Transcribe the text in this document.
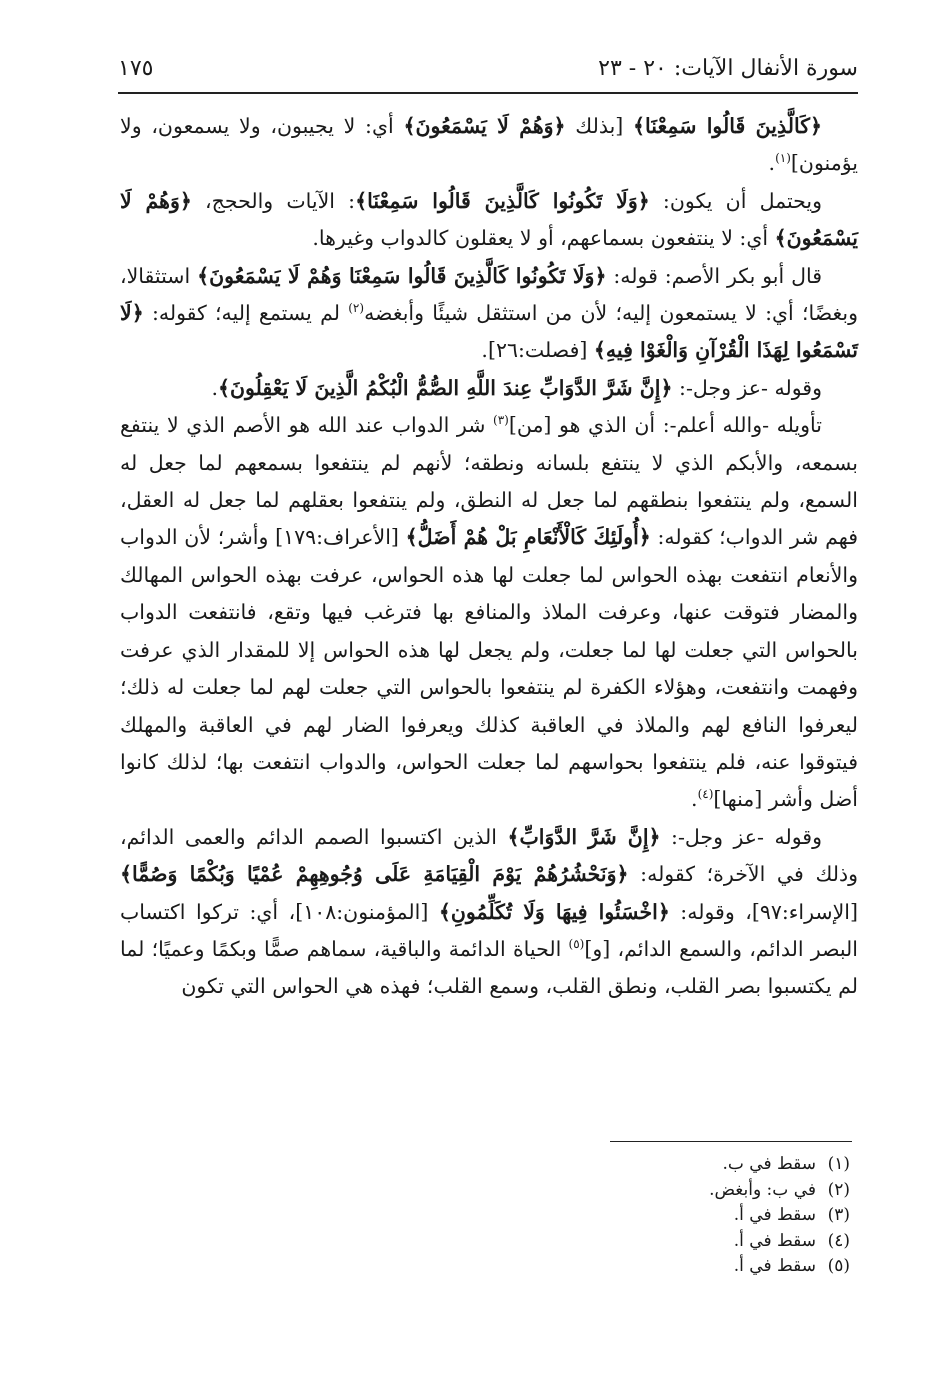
سورة الأنفال الآيات: ٢٠ - ٢٣
١٧٥

﴿كَالَّذِينَ قَالُوا سَمِعْنَا﴾ [بذلك ﴿وَهُمْ لَا يَسْمَعُونَ﴾ أي: لا يجيبون، ولا يسمعون، ولا يؤمنون]$^{(١)}$.

ويحتمل أن يكون: ﴿وَلَا تَكُونُوا كَالَّذِينَ قَالُوا سَمِعْنَا﴾: الآيات والحجج، ﴿وَهُمْ لَا يَسْمَعُونَ﴾ أي: لا ينتفعون بسماعهم، أو لا يعقلون كالدواب وغيرها.

قال أبو بكر الأصم: قوله: ﴿وَلَا تَكُونُوا كَالَّذِينَ قَالُوا سَمِعْنَا وَهُمْ لَا يَسْمَعُونَ﴾ استثقالا، وبغضًا؛ أي: لا يستمعون إليه؛ لأن من استثقل شيئًا وأبغضه$^{(٢)}$ لم يستمع إليه؛ كقوله: ﴿لَا تَسْمَعُوا لِهَذَا الْقُرْآنِ وَالْغَوْا فِيهِ﴾ [فصلت:٢٦].

وقوله -عز وجل-: ﴿إِنَّ شَرَّ الدَّوَابِّ عِندَ اللَّهِ الصُّمُّ الْبُكْمُ الَّذِينَ لَا يَعْقِلُونَ﴾.

تأويله -والله أعلم-: أن الذي هو [من]$^{(٣)}$ شر الدواب عند الله هو الأصم الذي لا ينتفع بسمعه، والأبكم الذي لا ينتفع بلسانه ونطقه؛ لأنهم لم ينتفعوا بسمعهم لما جعل له السمع، ولم ينتفعوا بنطقهم لما جعل له النطق، ولم ينتفعوا بعقلهم لما جعل له العقل، فهم شر الدواب؛ كقوله: ﴿أُولَئِكَ كَالْأَنْعَامِ بَلْ هُمْ أَضَلُّ﴾ [الأعراف:١٧٩] وأشر؛ لأن الدواب والأنعام انتفعت بهذه الحواس لما جعلت لها هذه الحواس، عرفت بهذه الحواس المهالك والمضار فتوقت عنها، وعرفت الملاذ والمنافع بها فترغب فيها وتقع، فانتفعت الدواب بالحواس التي جعلت لها لما جعلت، ولم يجعل لها هذه الحواس إلا للمقدار الذي عرفت وفهمت وانتفعت، وهؤلاء الكفرة لم ينتفعوا بالحواس التي جعلت لهم لما جعلت له ذلك؛ ليعرفوا النافع لهم والملاذ في العاقبة كذلك ويعرفوا الضار لهم في العاقبة والمهلك فيتوقوا عنه، فلم ينتفعوا بحواسهم لما جعلت الحواس، والدواب انتفعت بها؛ لذلك كانوا أضل وأشر [منها]$^{(٤)}$.

وقوله -عز وجل-: ﴿إِنَّ شَرَّ الدَّوَابِّ﴾ الذين اكتسبوا الصمم الدائم والعمى الدائم، وذلك في الآخرة؛ كقوله: ﴿وَنَحْشُرُهُمْ يَوْمَ الْقِيَامَةِ عَلَى وُجُوهِهِمْ عُمْيًا وَبُكْمًا وَصُمًّا﴾ [الإسراء:٩٧]، وقوله: ﴿اخْسَئُوا فِيهَا وَلَا تُكَلِّمُونِ﴾ [المؤمنون:١٠٨]، أي: تركوا اكتساب البصر الدائم، والسمع الدائم، [و]$^{(٥)}$ الحياة الدائمة والباقية، سماهم صمًّا وبكمًا وعميًا؛ لما لم يكتسبوا بصر القلب، ونطق القلب، وسمع القلب؛ فهذه هي الحواس التي تكون

(١)سقط في ب.
(٢)في ب: وأبغض.
(٣)سقط في أ.
(٤)سقط في أ.
(٥)سقط في أ.
